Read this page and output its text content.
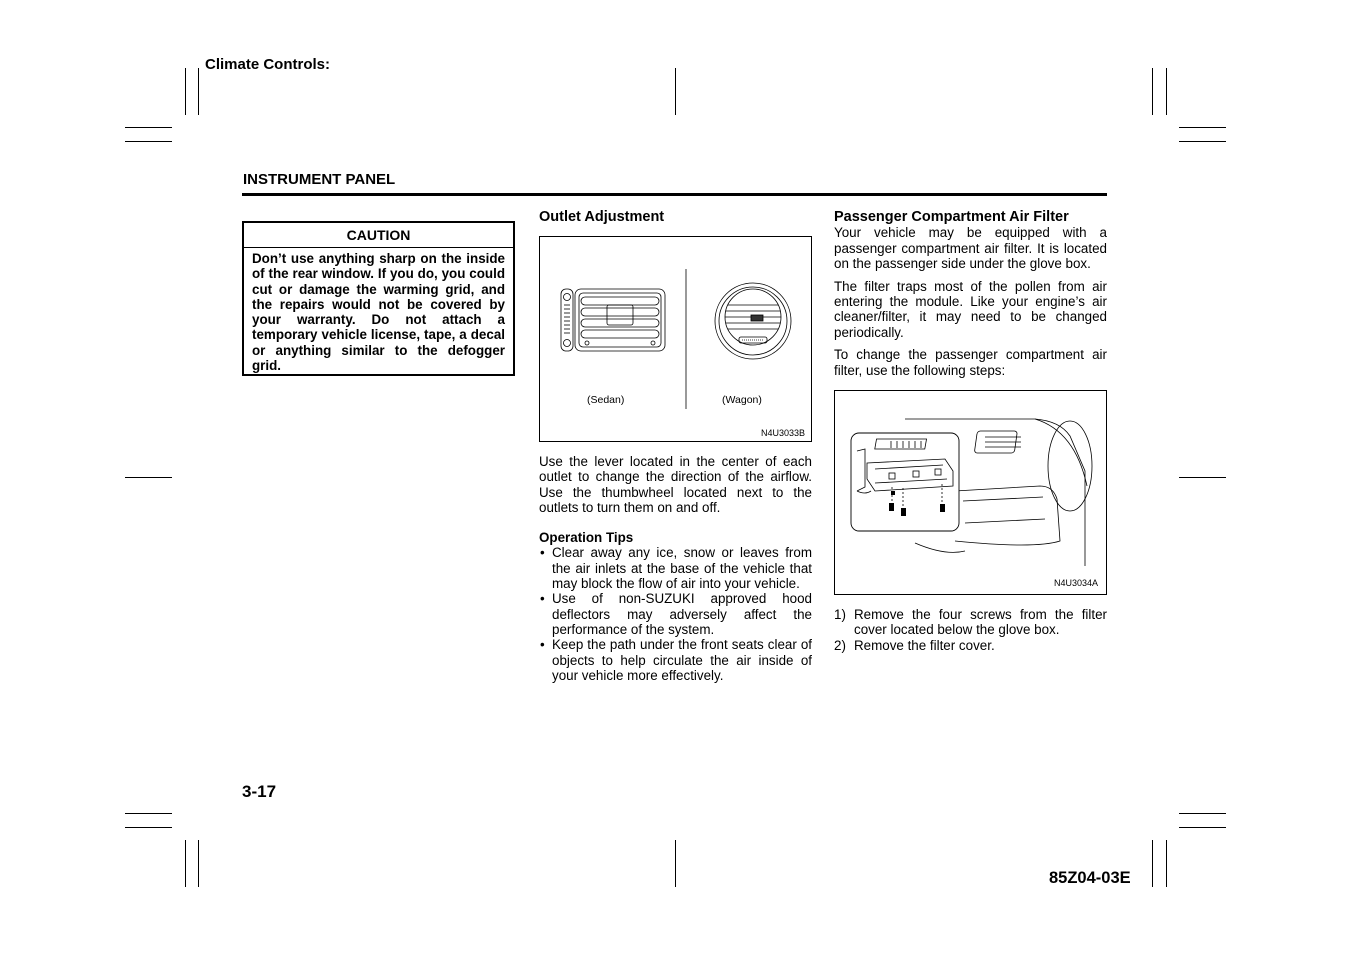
Climate Controls:
INSTRUMENT PANEL
CAUTION
Don’t use anything sharp on the inside of the rear window. If you do, you could cut or damage the warming grid, and the repairs would not be covered by your warranty. Do not attach a temporary vehicle license, tape, a decal or anything similar to the defogger grid.
Outlet Adjustment
(Sedan)	(Wagon)
N4U3033B

Use the lever located in the center of each outlet to change the direction of the airflow. Use the thumbwheel located next to the outlets to turn them on and off.

Operation Tips
• Clear away any ice, snow or leaves from the air inlets at the base of the vehicle that may block the flow of air into your vehicle.
• Use of non-SUZUKI approved hood deflectors may adversely affect the performance of the system.
• Keep the path under the front seats clear of objects to help circulate the air inside of your vehicle more effectively.
Passenger Compartment Air Filter

Your vehicle may be equipped with a passenger compartment air filter. It is located on the passenger side under the glove box.

The filter traps most of the pollen from air entering the module. Like your engine’s air cleaner/filter, it may need to be changed periodically.

To change the passenger compartment air filter, use the following steps:

N4U3034A
1) Remove the four screws from the filter cover located below the glove box.
2) Remove the filter cover.
3-17
85Z04-03E
